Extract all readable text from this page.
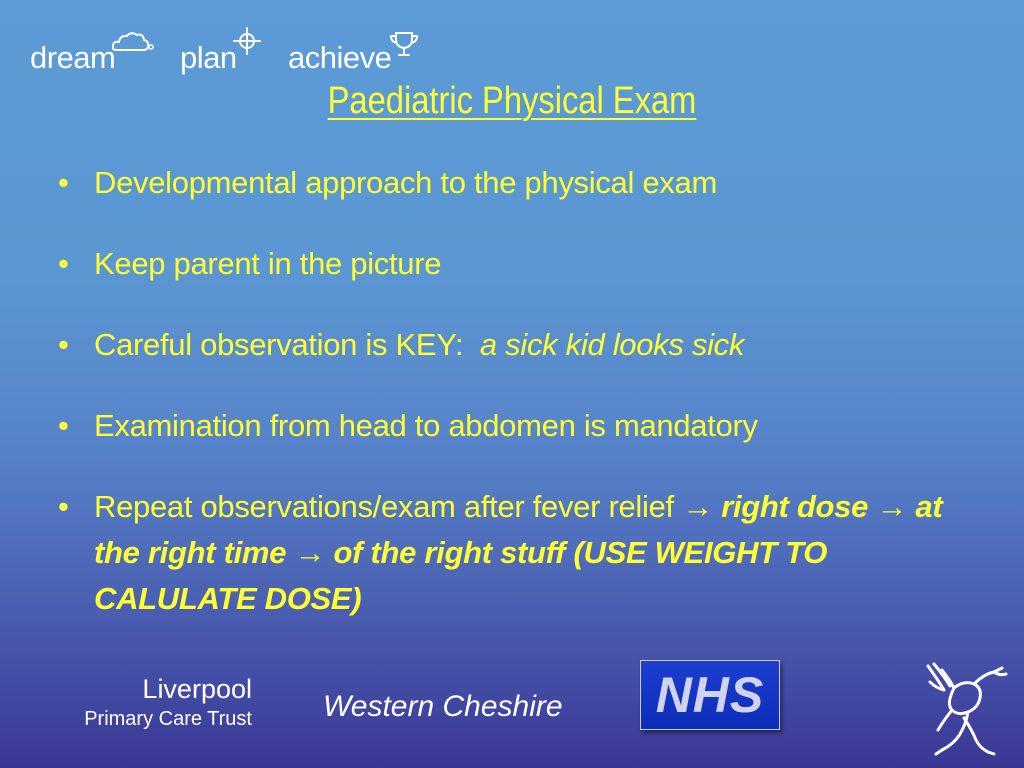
dream plan achieve
Paediatric Physical Exam
• Developmental approach to the physical exam
• Keep parent in the picture
• Careful observation is KEY: a sick kid looks sick
• Examination from head to abdomen is mandatory
• Repeat observations/exam after fever relief → right dose → at the right time → of the right stuff (USE WEIGHT TO CALULATE DOSE)
Liverpool
Primary Care Trust Western Cheshire	NHS
